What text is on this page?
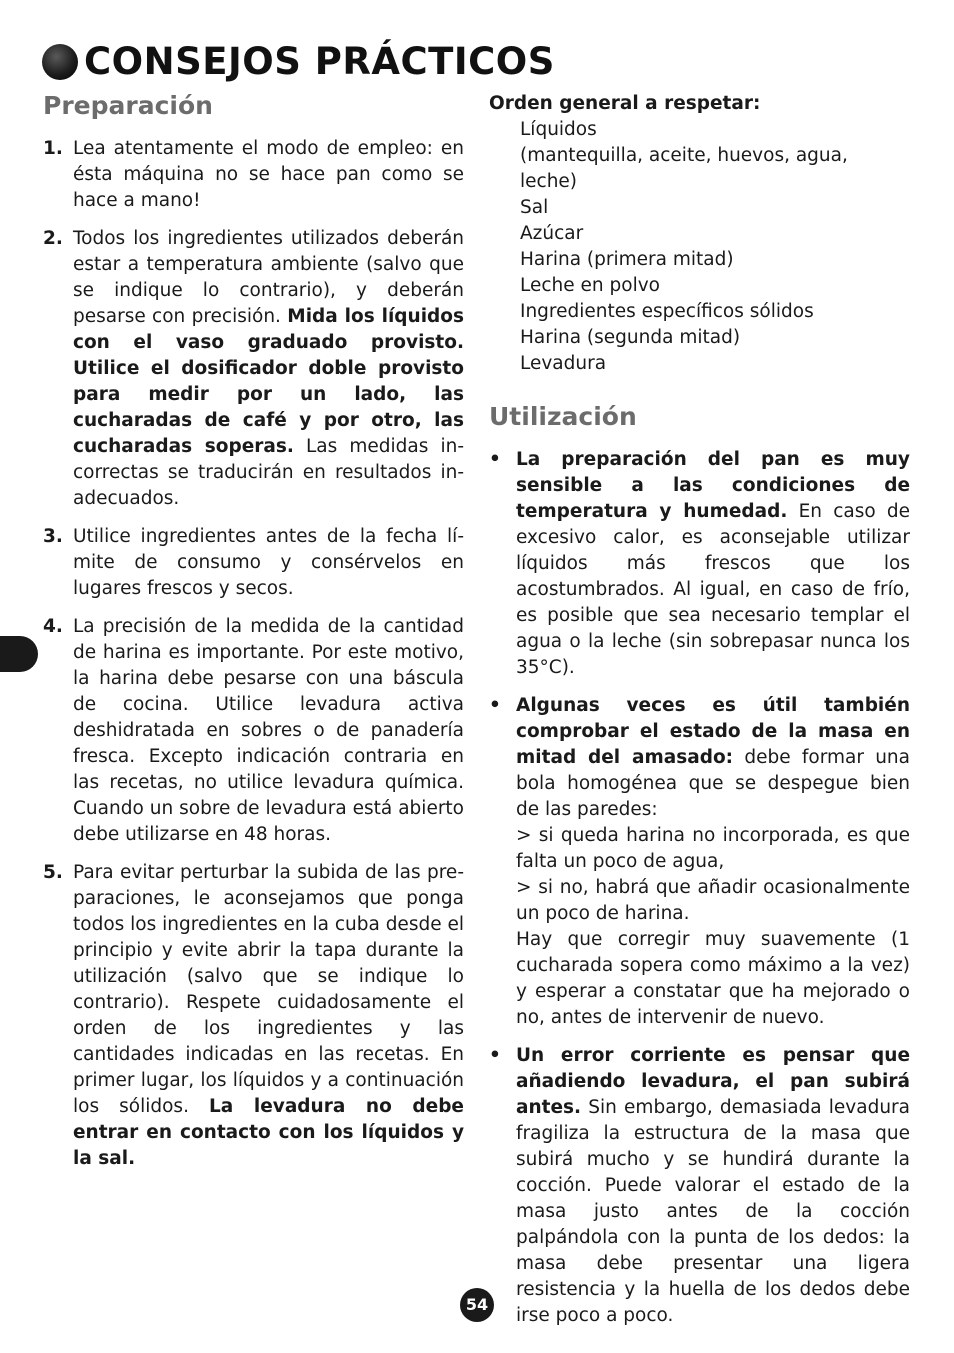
CONSEJOS PRÁCTICOS
Preparación
1. Lea atentamente el modo de empleo: en ésta máquina no se hace pan como se hace a mano!
2. Todos los ingredientes utilizados deberán estar a temperatura ambiente (salvo que se indique lo contrario), y deberán pesarse con precisión. Mida los líquidos con el vaso graduado provisto. Utilice el dosificador doble provisto para medir por un lado, las cucharadas de café y por otro, las cucharadas soperas. Las medidas incorrectas se traducirán en resultados inadecuados.
3. Utilice ingredientes antes de la fecha límite de consumo y consérvelos en lugares frescos y secos.
4. La precisión de la medida de la cantidad de harina es importante. Por este motivo, la harina debe pesarse con una báscula de cocina. Utilice levadura activa deshidratada en sobres o de panadería fresca. Excepto indicación contraria en las recetas, no utilice levadura química. Cuando un sobre de levadura está abierto debe utilizarse en 48 horas.
5. Para evitar perturbar la subida de las preparaciones, le aconsejamos que ponga todos los ingredientes en la cuba desde el principio y evite abrir la tapa durante la utilización (salvo que se indique lo contrario). Respete cuidadosamente el orden de los ingredientes y las cantidades indicadas en las recetas. En primer lugar, los líquidos y a continuación los sólidos. La levadura no debe entrar en contacto con los líquidos y la sal.
Orden general a respetar:
Líquidos
(mantequilla, aceite, huevos, agua, leche)
Sal
Azúcar
Harina (primera mitad)
Leche en polvo
Ingredientes específicos sólidos
Harina (segunda mitad)
Levadura
Utilización
• La preparación del pan es muy sensible a las condiciones de temperatura y humedad. En caso de excesivo calor, es aconsejable utilizar líquidos más frescos que los acostumbrados. Al igual, en caso de frío, es posible que sea necesario templar el agua o la leche (sin sobrepasar nunca los 35°C).
• Algunas veces es útil también comprobar el estado de la masa en mitad del amasado: debe formar una bola homogénea que se despegue bien de las paredes:
> si queda harina no incorporada, es que falta un poco de agua,
> si no, habrá que añadir ocasionalmente un poco de harina.
Hay que corregir muy suavemente (1 cucharada sopera como máximo a la vez) y esperar a constatar que ha mejorado o no, antes de intervenir de nuevo.
• Un error corriente es pensar que añadiendo levadura, el pan subirá antes. Sin embargo, demasiada levadura fragiliza la estructura de la masa que subirá mucho y se hundirá durante la cocción. Puede valorar el estado de la masa justo antes de la cocción palpándola con la punta de los dedos: la masa debe presentar una ligera resistencia y la huella de los dedos debe irse poco a poco.
54
